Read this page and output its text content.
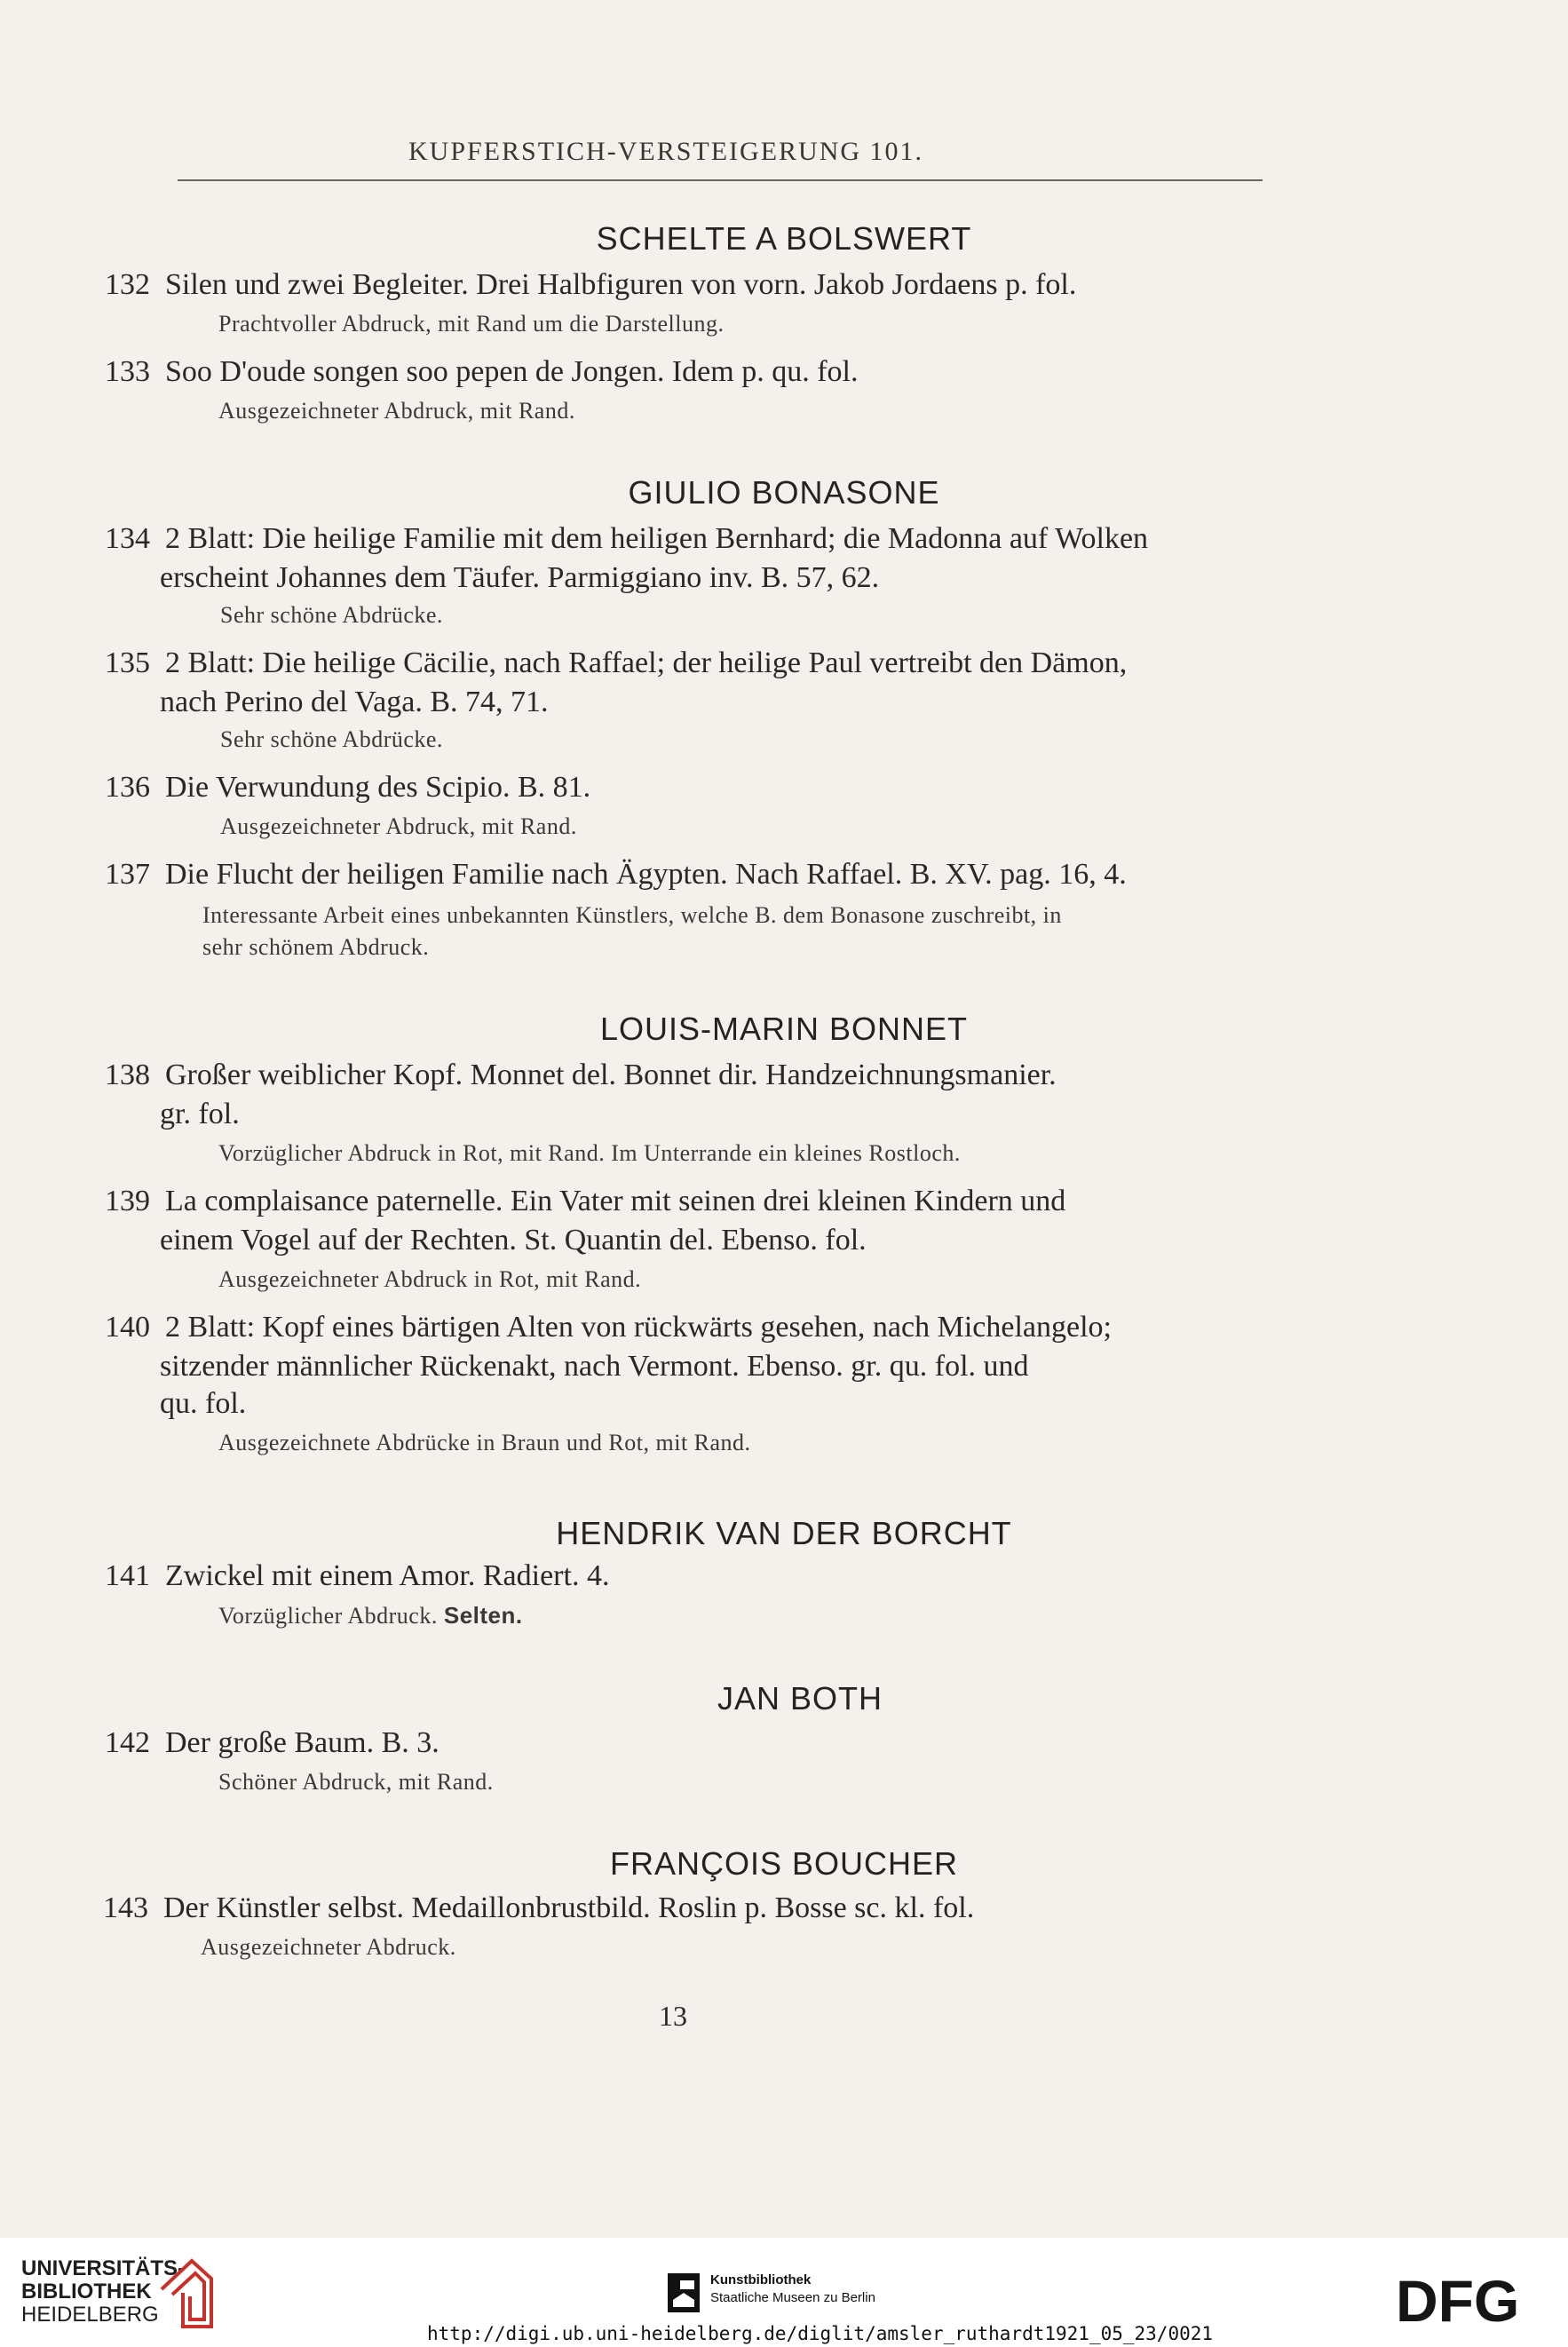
KUPFERSTICH-VERSTEIGERUNG 101.
SCHELTE A BOLSWERT
132 Silen und zwei Begleiter. Drei Halbfiguren von vorn. Jakob Jordaens p. fol.
Prachtvoller Abdruck, mit Rand um die Darstellung.
133 Soo D'oude songen soo pepen de Jongen. Idem p. qu. fol.
Ausgezeichneter Abdruck, mit Rand.
GIULIO BONASONE
134 2 Blatt: Die heilige Familie mit dem heiligen Bernhard; die Madonna auf Wolken
erscheint Johannes dem Täufer. Parmiggiano inv. B. 57, 62.
Sehr schöne Abdrücke.
135 2 Blatt: Die heilige Cäcilie, nach Raffael; der heilige Paul vertreibt den Dämon,
nach Perino del Vaga. B. 74, 71.
Sehr schöne Abdrücke.
136 Die Verwundung des Scipio. B. 81.
Ausgezeichneter Abdruck, mit Rand.
137 Die Flucht der heiligen Familie nach Ägypten. Nach Raffael. B. XV. pag. 16, 4.
Interessante Arbeit eines unbekannten Künstlers, welche B. dem Bonasone zuschreibt, in
sehr schönem Abdruck.
LOUIS-MARIN BONNET
138 Großer weiblicher Kopf. Monnet del. Bonnet dir. Handzeichnungsmanier.
gr. fol.
Vorzüglicher Abdruck in Rot, mit Rand. Im Unterrande ein kleines Rostloch.
139 La complaisance paternelle. Ein Vater mit seinen drei kleinen Kindern und
einem Vogel auf der Rechten. St. Quantin del. Ebenso. fol.
Ausgezeichneter Abdruck in Rot, mit Rand.
140 2 Blatt: Kopf eines bärtigen Alten von rückwärts gesehen, nach Michelangelo;
sitzender männlicher Rückenakt, nach Vermont. Ebenso. gr. qu. fol. und
qu. fol.
Ausgezeichnete Abdrücke in Braun und Rot, mit Rand.
HENDRIK VAN DER BORCHT
141 Zwickel mit einem Amor. Radiert. 4.
Vorzüglicher Abdruck. Selten.
JAN BOTH
142 Der große Baum. B. 3.
Schöner Abdruck, mit Rand.
FRANÇOIS BOUCHER
143 Der Künstler selbst. Medaillonbrustbild. Roslin p. Bosse sc. kl. fol.
Ausgezeichneter Abdruck.
13
UNIVERSITÄTS-
BIBLIOTHEK
HEIDELBERG
Kunstbibliothek
Staatliche Museen zu Berlin	DFG
http://digi.ub.uni-heidelberg.de/diglit/amsler_ruthardt1921_05_23/0021
